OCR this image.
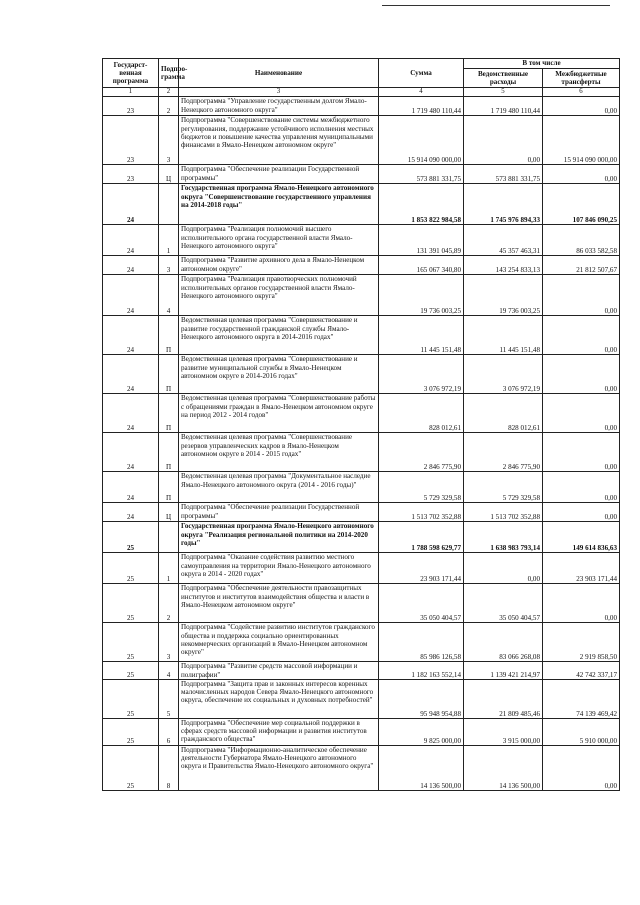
Государст-венная программа	Подпро-грамма	Наименование	Сумма	В том числе	
				Ведомственные расходы	Межбюджетные трансферты
1	2	3	4	5	6
23	2	Подпрограмма "Управление государственным долгом Ямало-Ненецкого автономного округа"	1 719 480 110,44	1 719 480 110,44	0,00
23	3	Подпрограмма "Совершенствование системы межбюджетного регулирования, поддержание устойчивого исполнения местных бюджетов и повышение качества управления муниципальными финансами в Ямало-Ненецком автономном округе"	15 914 090 000,00	0,00	15 914 090 000,00
23	Ц	Подпрограмма "Обеспечение реализации Государственной программы"	573 881 331,75	573 881 331,75	0,00
24		Государственная программа Ямало-Ненецкого автономного округа "Совершенствование государственного управления на 2014-2018 годы"	1 853 822 984,58	1 745 976 894,33	107 846 090,25
24	1	Подпрограмма "Реализация полномочий высшего исполнительного органа государственной власти Ямало-Ненецкого автономного округа"	131 391 045,89	45 357 463,31	86 033 582,58
24	3	Подпрограмма "Развитие архивного дела в Ямало-Ненецком автономном округе"	165 067 340,80	143 254 833,13	21 812 507,67
24	4	Подпрограмма "Реализация правотворческих полномочий исполнительных органов государственной власти Ямало-Ненецкого автономного округа"	19 736 003,25	19 736 003,25	0,00
24	П	Ведомственная целевая программа "Совершенствование и развитие государственной гражданской службы Ямало-Ненецкого автономного округа в 2014-2016 годах"	11 445 151,48	11 445 151,48	0,00
24	П	Ведомственная целевая программа "Совершенствование и развитие муниципальной службы в Ямало-Ненецком автономном округе в 2014-2016 годах"	3 076 972,19	3 076 972,19	0,00
24	П	Ведомственная целевая программа "Совершенствование работы с обращениями граждан в Ямало-Ненецком автономном округе на период 2012 - 2014 годов"	828 012,61	828 012,61	0,00
24	П	Ведомственная целевая программа "Совершенствование резервов управленческих кадров в Ямало-Ненецком автономном округе в 2014 - 2015 годах"	2 846 775,90	2 846 775,90	0,00
24	П	Ведомственная целевая программа "Документальное наследие Ямало-Ненецкого автономного округа (2014 - 2016 годы)"	5 729 329,58	5 729 329,58	0,00
24	Ц	Подпрограмма "Обеспечение реализации Государственной программы"	1 513 702 352,88	1 513 702 352,88	0,00
25		Государственная программа Ямало-Ненецкого автономного округа "Реализация региональной политики на 2014-2020 годы"	1 788 598 629,77	1 638 983 793,14	149 614 836,63
25	1	Подпрограмма "Оказание содействия развитию местного самоуправления на территории Ямало-Ненецкого автономного округа в 2014 - 2020 годах"	23 903 171,44	0,00	23 903 171,44
25	2	Подпрограмма "Обеспечение деятельности правозащитных институтов и институтов взаимодействия общества и власти в Ямало-Ненецком автономном округе"	35 050 404,57	35 050 404,57	0,00
25	3	Подпрограмма "Содействие развитию институтов гражданского общества и поддержка социально ориентированных некоммерческих организаций в Ямало-Ненецком автономном округе"	85 986 126,58	83 066 268,08	2 919 858,50
25	4	Подпрограмма "Развитие средств массовой информации и полиграфии"	1 182 163 552,14	1 139 421 214,97	42 742 337,17
25	5	Подпрограмма "Защита прав и законных интересов коренных малочисленных народов Севера Ямало-Ненецкого автономного округа, обеспечение их социальных и духовных потребностей"	95 948 954,88	21 809 485,46	74 139 469,42
25	6	Подпрограмма "Обеспечение мер социальной поддержки в сферах средств массовой информации и развития институтов гражданского общества"	9 825 000,00	3 915 000,00	5 910 000,00
25	8	Подпрограмма "Информационно-аналитическое обеспечение деятельности Губернатора Ямало-Ненецкого автономного округа и Правительства Ямало-Ненецкого автономного округа"	14 136 500,00	14 136 500,00	0,00
